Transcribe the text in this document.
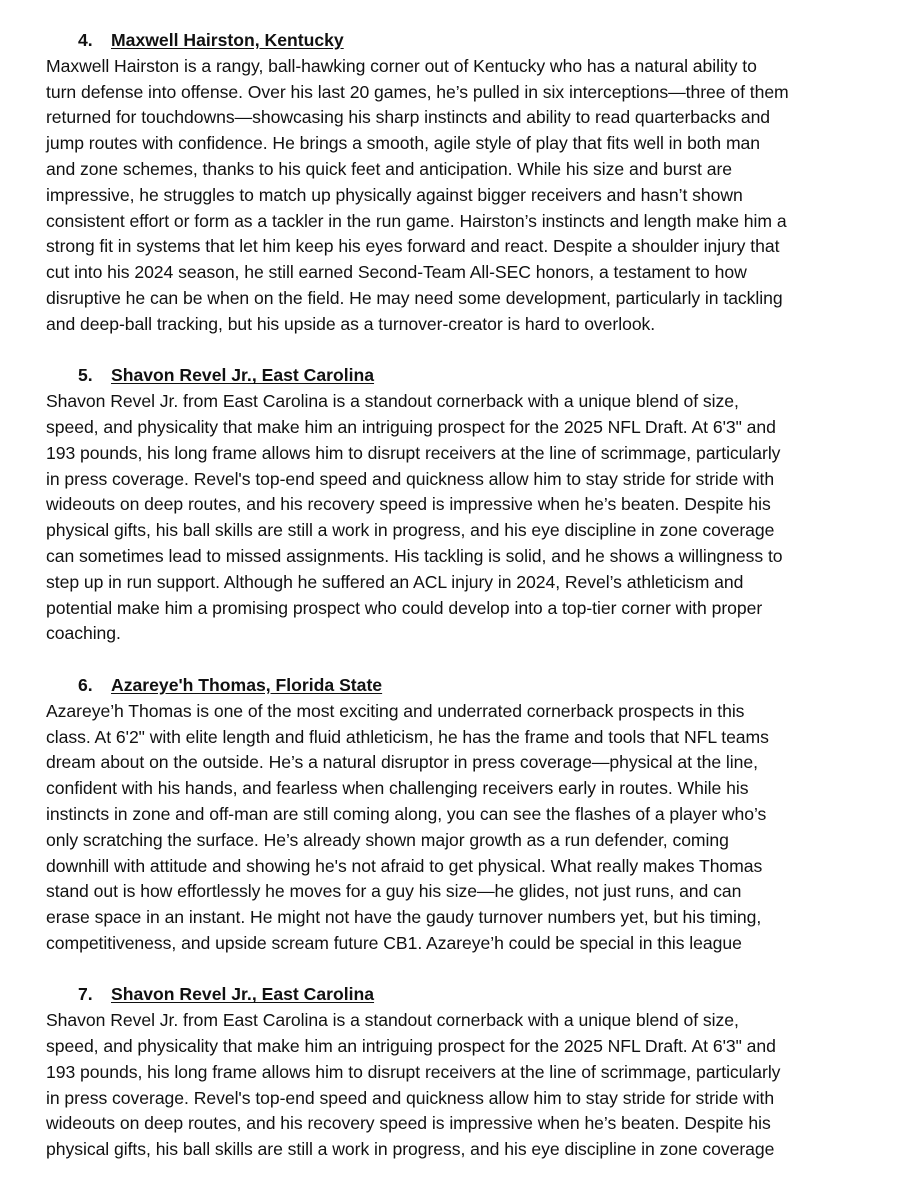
4.	Maxwell Hairston, Kentucky
Maxwell Hairston is a rangy, ball-hawking corner out of Kentucky who has a natural ability to
turn defense into offense. Over his last 20 games, he’s pulled in six interceptions—three of them
returned for touchdowns—showcasing his sharp instincts and ability to read quarterbacks and
jump routes with confidence. He brings a smooth, agile style of play that fits well in both man
and zone schemes, thanks to his quick feet and anticipation. While his size and burst are
impressive, he struggles to match up physically against bigger receivers and hasn’t shown
consistent effort or form as a tackler in the run game. Hairston’s instincts and length make him a
strong fit in systems that let him keep his eyes forward and react. Despite a shoulder injury that
cut into his 2024 season, he still earned Second-Team All-SEC honors, a testament to how
disruptive he can be when on the field. He may need some development, particularly in tackling
and deep-ball tracking, but his upside as a turnover-creator is hard to overlook.
5.	Shavon Revel Jr., East Carolina
Shavon Revel Jr. from East Carolina is a standout cornerback with a unique blend of size,
speed, and physicality that make him an intriguing prospect for the 2025 NFL Draft. At 6'3" and
193 pounds, his long frame allows him to disrupt receivers at the line of scrimmage, particularly
in press coverage. Revel's top-end speed and quickness allow him to stay stride for stride with
wideouts on deep routes, and his recovery speed is impressive when he’s beaten. Despite his
physical gifts, his ball skills are still a work in progress, and his eye discipline in zone coverage
can sometimes lead to missed assignments. His tackling is solid, and he shows a willingness to
step up in run support. Although he suffered an ACL injury in 2024, Revel’s athleticism and
potential make him a promising prospect who could develop into a top-tier corner with proper
coaching.
6.	Azareye'h Thomas, Florida State
Azareye’h Thomas is one of the most exciting and underrated cornerback prospects in this
class. At 6'2" with elite length and fluid athleticism, he has the frame and tools that NFL teams
dream about on the outside. He’s a natural disruptor in press coverage—physical at the line,
confident with his hands, and fearless when challenging receivers early in routes. While his
instincts in zone and off-man are still coming along, you can see the flashes of a player who’s
only scratching the surface. He’s already shown major growth as a run defender, coming
downhill with attitude and showing he's not afraid to get physical. What really makes Thomas
stand out is how effortlessly he moves for a guy his size—he glides, not just runs, and can
erase space in an instant. He might not have the gaudy turnover numbers yet, but his timing,
competitiveness, and upside scream future CB1. Azareye’h could be special in this league
7.	Shavon Revel Jr., East Carolina
Shavon Revel Jr. from East Carolina is a standout cornerback with a unique blend of size,
speed, and physicality that make him an intriguing prospect for the 2025 NFL Draft. At 6'3" and
193 pounds, his long frame allows him to disrupt receivers at the line of scrimmage, particularly
in press coverage. Revel's top-end speed and quickness allow him to stay stride for stride with
wideouts on deep routes, and his recovery speed is impressive when he’s beaten. Despite his
physical gifts, his ball skills are still a work in progress, and his eye discipline in zone coverage
